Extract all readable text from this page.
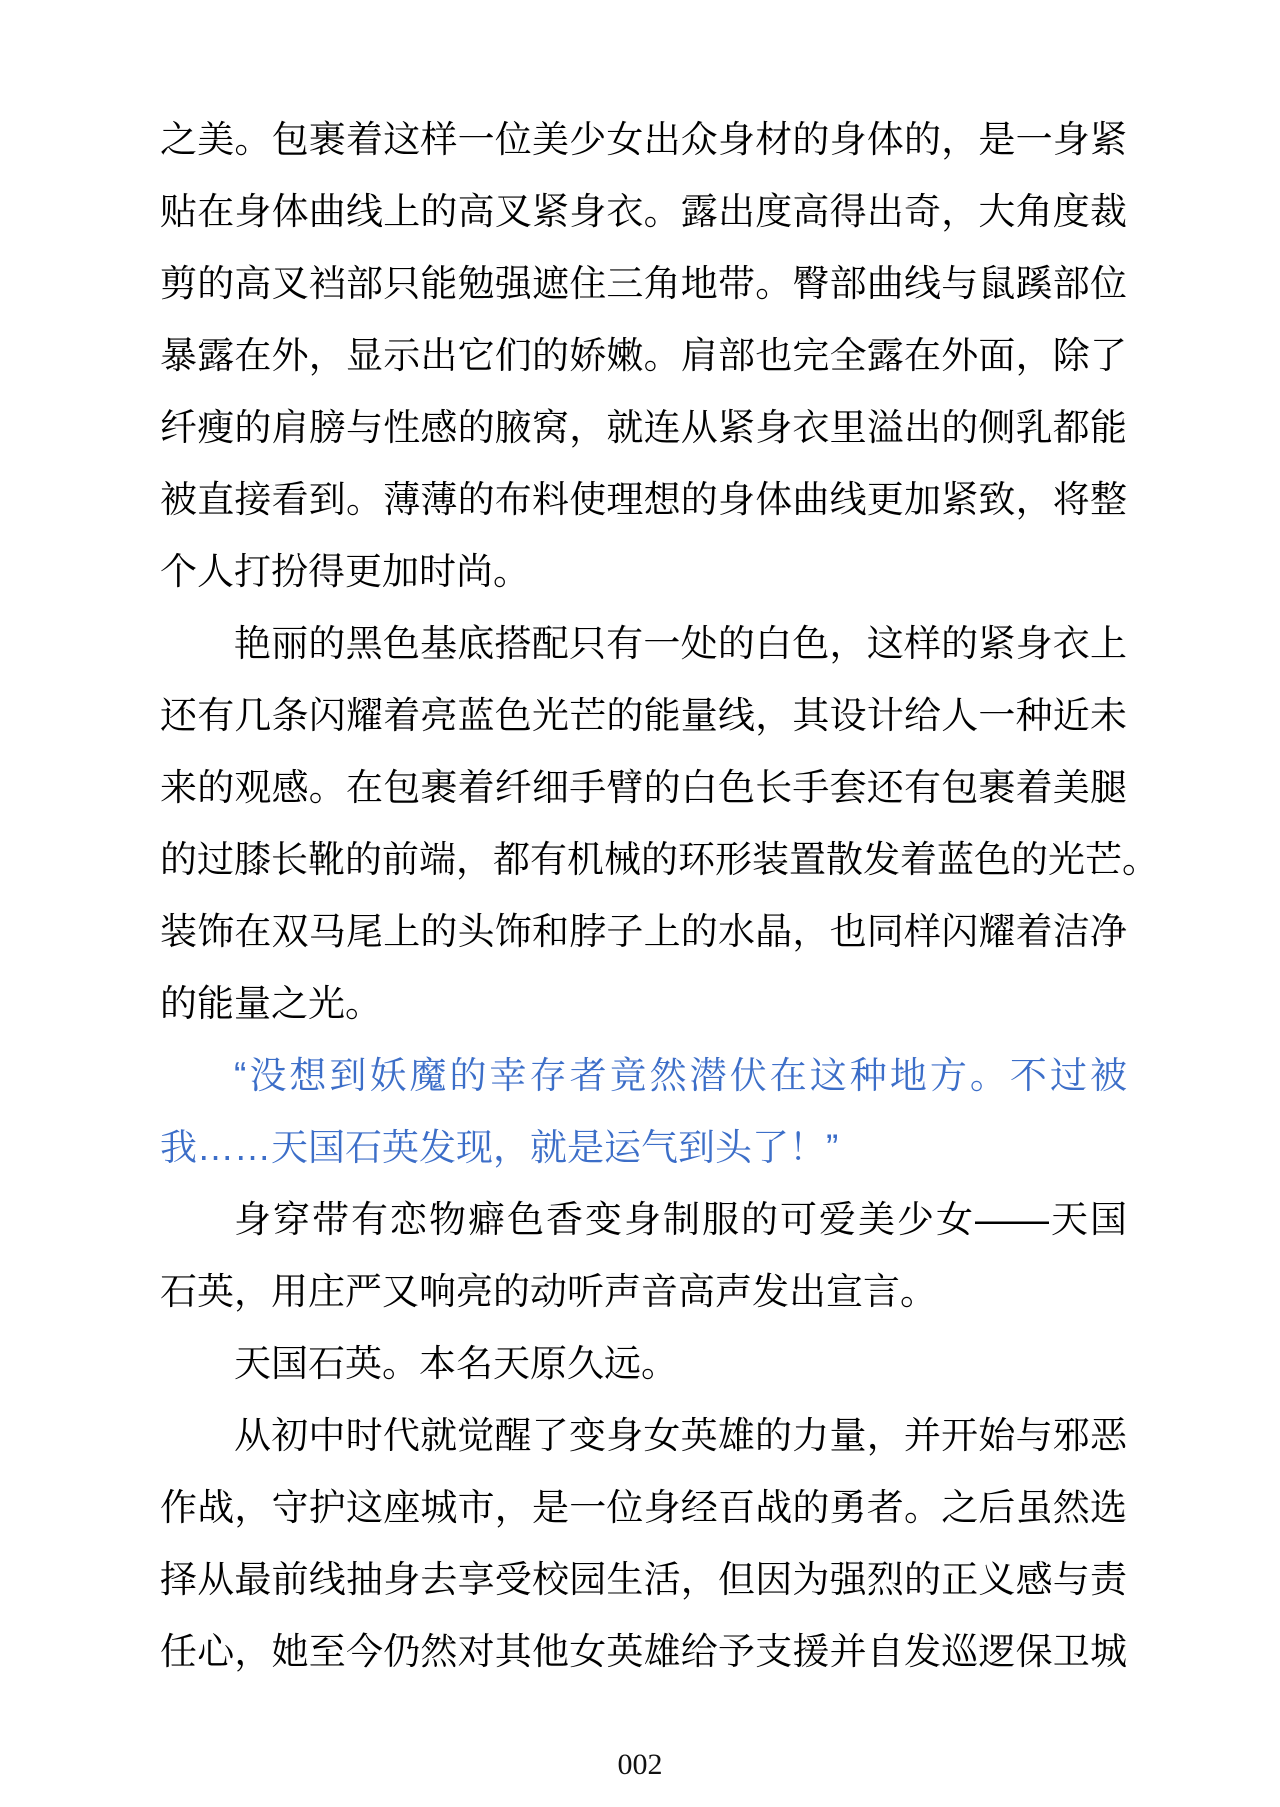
之美。包裹着这样一位美少女出众身材的身体的，是一身紧
贴在身体曲线上的高叉紧身衣。露出度高得出奇，大角度裁
剪的高叉裆部只能勉强遮住三角地带。臀部曲线与鼠蹊部位
暴露在外，显示出它们的娇嫩。肩部也完全露在外面，除了
纤瘦的肩膀与性感的腋窝，就连从紧身衣里溢出的侧乳都能
被直接看到。薄薄的布料使理想的身体曲线更加紧致，将整
个人打扮得更加时尚。
艳丽的黑色基底搭配只有一处的白色，这样的紧身衣上
还有几条闪耀着亮蓝色光芒的能量线，其设计给人一种近未
来的观感。在包裹着纤细手臂的白色长手套还有包裹着美腿
的过膝长靴的前端，都有机械的环形装置散发着蓝色的光芒。
装饰在双马尾上的头饰和脖子上的水晶，也同样闪耀着洁净
的能量之光。
“没想到妖魔的幸存者竟然潜伏在这种地方。不过被
我……天国石英发现，就是运气到头了！”
身穿带有恋物癖色香变身制服的可爱美少女——天国
石英，用庄严又响亮的动听声音高声发出宣言。
天国石英。本名天原久远。
从初中时代就觉醒了变身女英雄的力量，并开始与邪恶
作战，守护这座城市，是一位身经百战的勇者。之后虽然选
择从最前线抽身去享受校园生活，但因为强烈的正义感与责
任心，她至今仍然对其他女英雄给予支援并自发巡逻保卫城
002
